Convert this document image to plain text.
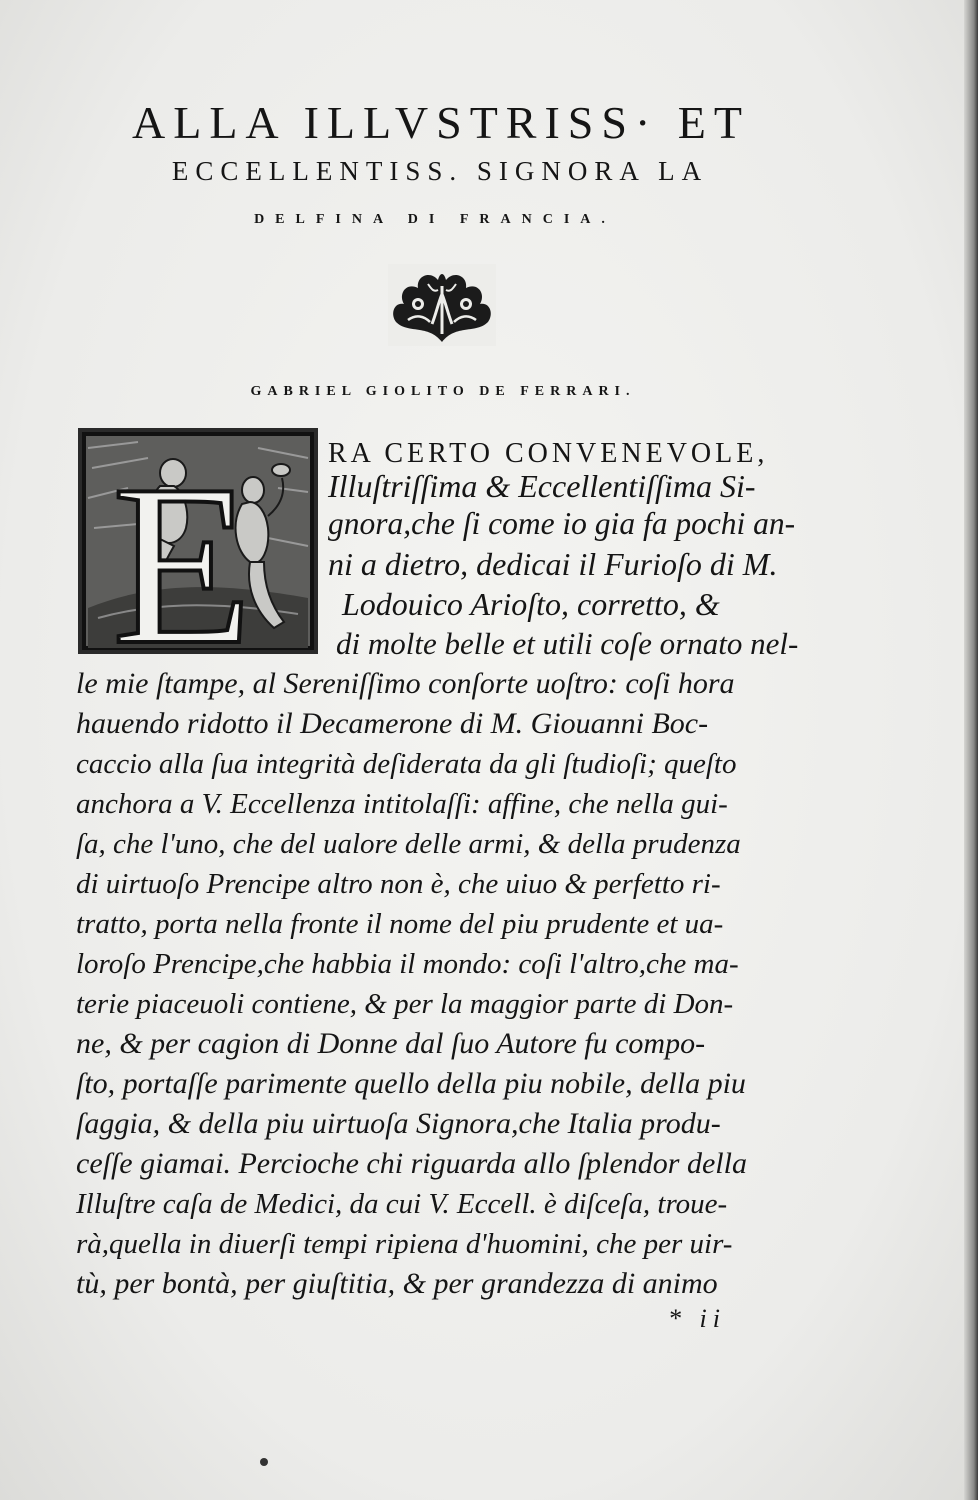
ALLA ILLVSTRISS· ET
ECCELLENTISS. SIGNORA LA
DELFINA DI FRANCIA.
GABRIEL GIOLITO DE FERRARI.
E	RA CERTO CONVENEVOLE,
Illuſtriſſima & Eccellentiſſima Si-
gnora,che ſi come io gia fa pochi an-
ni a dietro, dedicai il Furioſo di M.
Lodouico Arioſto, corretto, &
di molte belle et utili coſe ornato nel-
le mie ſtampe, al Sereniſſimo conſorte uoſtro: coſi hora
hauendo ridotto il Decamerone di M. Giouanni Boc-
caccio alla ſua integrità deſiderata da gli ſtudioſi; queſto
anchora a V. Eccellenza intitolaſſi: affine, che nella gui-
ſa, che l'uno, che del ualore delle armi, & della prudenza
di uirtuoſo Prencipe altro non è, che uiuo & perfetto ri-
tratto, porta nella fronte il nome del piu prudente et ua-
loroſo Prencipe,che habbia il mondo: coſi l'altro,che ma-
terie piaceuoli contiene, & per la maggior parte di Don-
ne, & per cagion di Donne dal ſuo Autore fu compo-
ſto, portaſſe parimente quello della piu nobile, della piu
ſaggia, & della piu uirtuoſa Signora,che Italia produ-
ceſſe giamai. Percioche chi riguarda allo ſplendor della
Illuſtre caſa de Medici, da cui V. Eccell. è diſceſa, troue-
rà,quella in diuerſi tempi ripiena d'huomini, che per uir-
tù, per bontà, per giuſtitia, & per grandezza di animo
* ii
